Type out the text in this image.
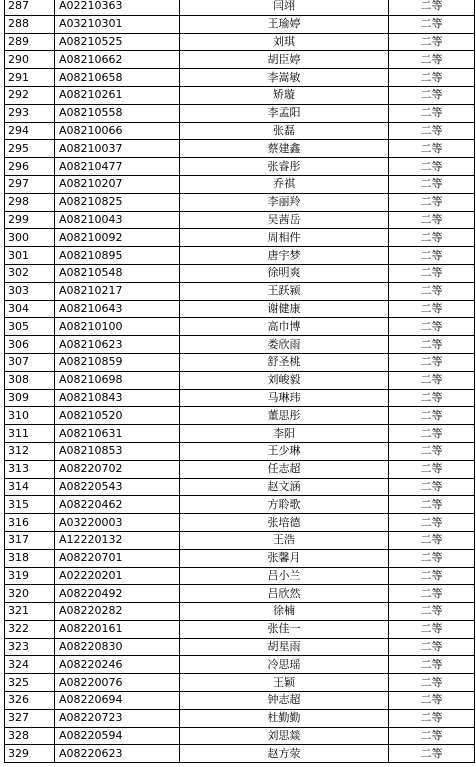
287	A02210363	闫翊	二等
288	A03210301	王瑜婷	二等
289	A08210525	刘琪	二等
290	A08210662	胡臣婷	二等
291	A08210658	李嵩敏	二等
292	A08210261	矫璇	二等
293	A08210558	李孟阳	二等
294	A08210066	张磊	二等
295	A08210037	蔡建鑫	二等
296	A08210477	张睿彤	二等
297	A08210207	乔祺	二等
298	A08210825	李丽羚	二等
299	A08210043	吴茜岳	二等
300	A08210092	周相件	二等
301	A08210895	唐宇梦	二等
302	A08210548	徐明爽	二等
303	A08210217	王跃颍	二等
304	A08210643	谢健康	二等
305	A08210100	高巾博	二等
306	A08210623	娄欣雨	二等
307	A08210859	舒圣桃	二等
308	A08210698	刘峻毅	二等
309	A08210843	马琳玮	二等
310	A08210520	董思彤	二等
311	A08210631	李阳	二等
312	A08210853	王少琳	二等
313	A08220702	任志超	二等
314	A08220543	赵文涵	二等
315	A08220462	方聆歌	二等
316	A03220003	张培德	二等
317	A12220132	王浩	二等
318	A08220701	张馨月	二等
319	A02220201	吕小兰	二等
320	A08220492	吕欣然	二等
321	A08220282	徐楠	二等
322	A08220161	张佳一	二等
323	A08220830	胡星雨	二等
324	A08220246	冷思瑶	二等
325	A08220076	王颖	二等
326	A08220694	钟志超	二等
327	A08220723	杜勤勤	二等
328	A08220594	刘思燚	二等
329	A08220623	赵方荥	二等
